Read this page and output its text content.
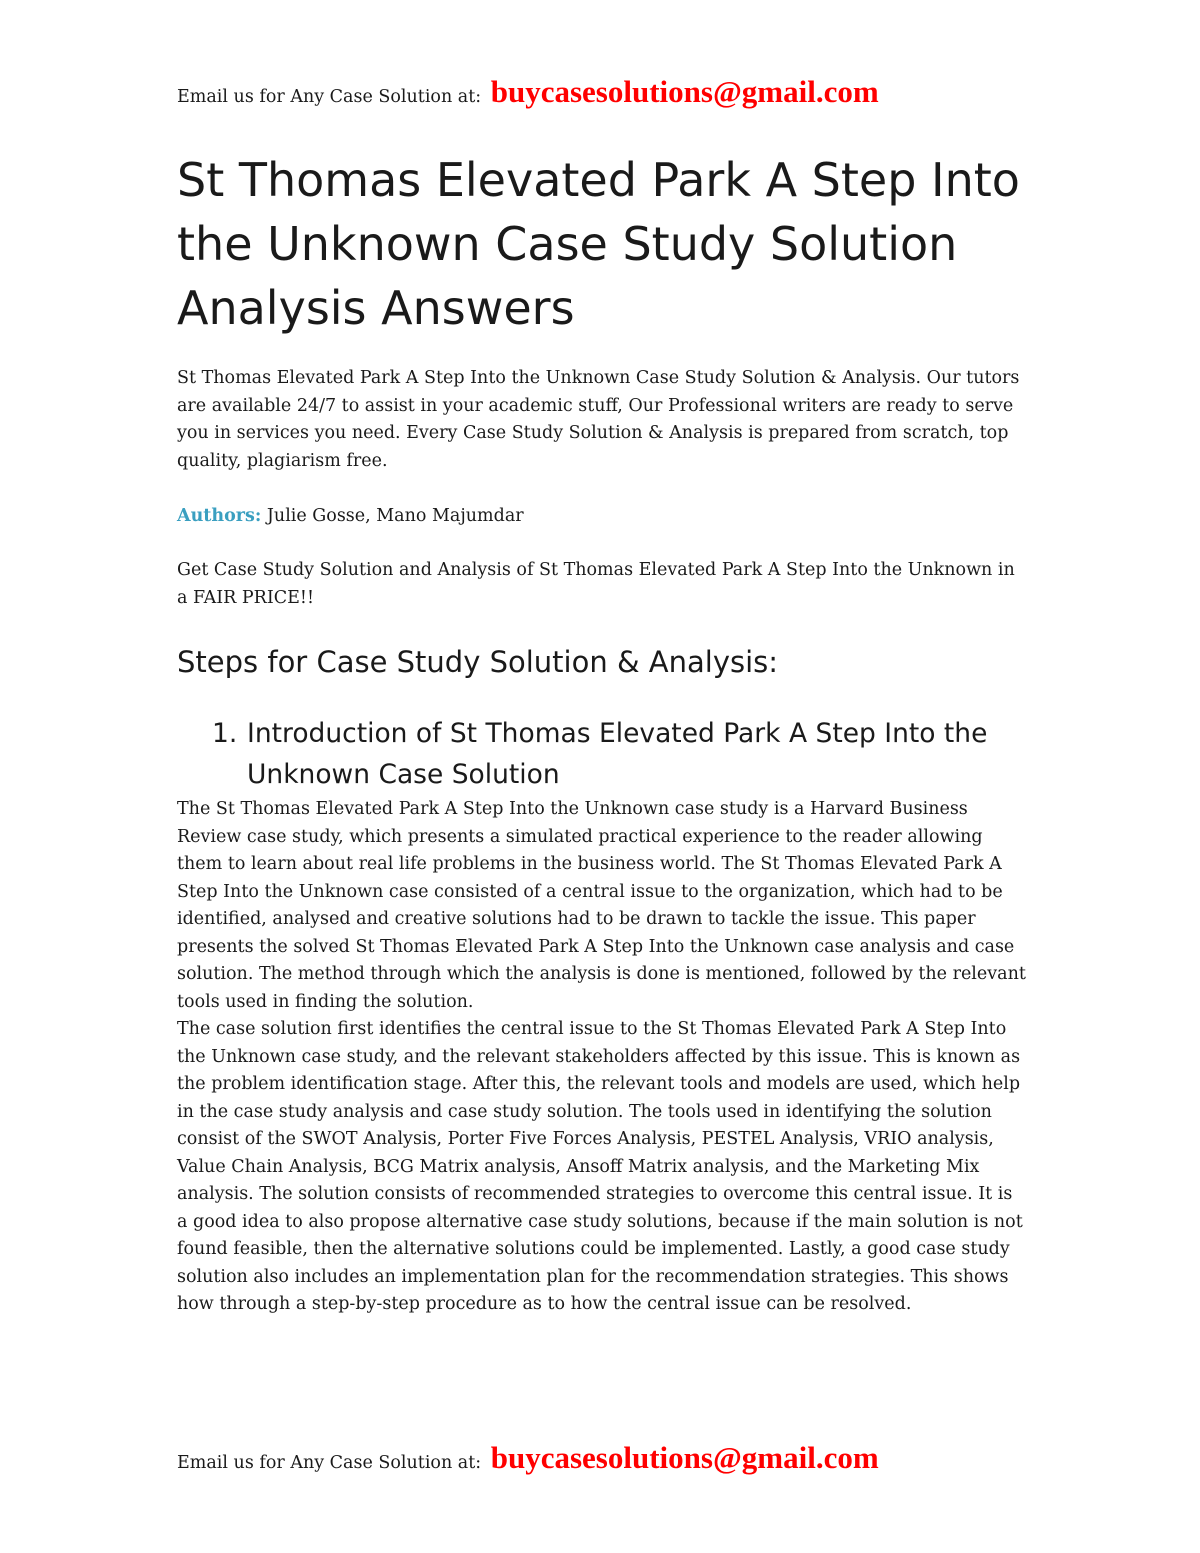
Email us for Any Case Solution at: buycasesolutions@gmail.com
St Thomas Elevated Park A Step Into the Unknown Case Study Solution Analysis Answers

St Thomas Elevated Park A Step Into the Unknown Case Study Solution & Analysis. Our tutors are available 24/7 to assist in your academic stuff, Our Professional writers are ready to serve you in services you need. Every Case Study Solution & Analysis is prepared from scratch, top quality, plagiarism free.

Authors: Julie Gosse, Mano Majumdar

Get Case Study Solution and Analysis of St Thomas Elevated Park A Step Into the Unknown in a FAIR PRICE!!

Steps for Case Study Solution & Analysis:
1. Introduction of St Thomas Elevated Park A Step Into the Unknown Case Solution

The St Thomas Elevated Park A Step Into the Unknown case study is a Harvard Business Review case study, which presents a simulated practical experience to the reader allowing them to learn about real life problems in the business world. The St Thomas Elevated Park A Step Into the Unknown case consisted of a central issue to the organization, which had to be identified, analysed and creative solutions had to be drawn to tackle the issue. This paper presents the solved St Thomas Elevated Park A Step Into the Unknown case analysis and case solution. The method through which the analysis is done is mentioned, followed by the relevant tools used in finding the solution.

The case solution first identifies the central issue to the St Thomas Elevated Park A Step Into the Unknown case study, and the relevant stakeholders affected by this issue. This is known as the problem identification stage. After this, the relevant tools and models are used, which help in the case study analysis and case study solution. The tools used in identifying the solution consist of the SWOT Analysis, Porter Five Forces Analysis, PESTEL Analysis, VRIO analysis, Value Chain Analysis, BCG Matrix analysis, Ansoff Matrix analysis, and the Marketing Mix analysis. The solution consists of recommended strategies to overcome this central issue. It is a good idea to also propose alternative case study solutions, because if the main solution is not found feasible, then the alternative solutions could be implemented. Lastly, a good case study solution also includes an implementation plan for the recommendation strategies. This shows how through a step-by-step procedure as to how the central issue can be resolved.

Email us for Any Case Solution at: buycasesolutions@gmail.com
